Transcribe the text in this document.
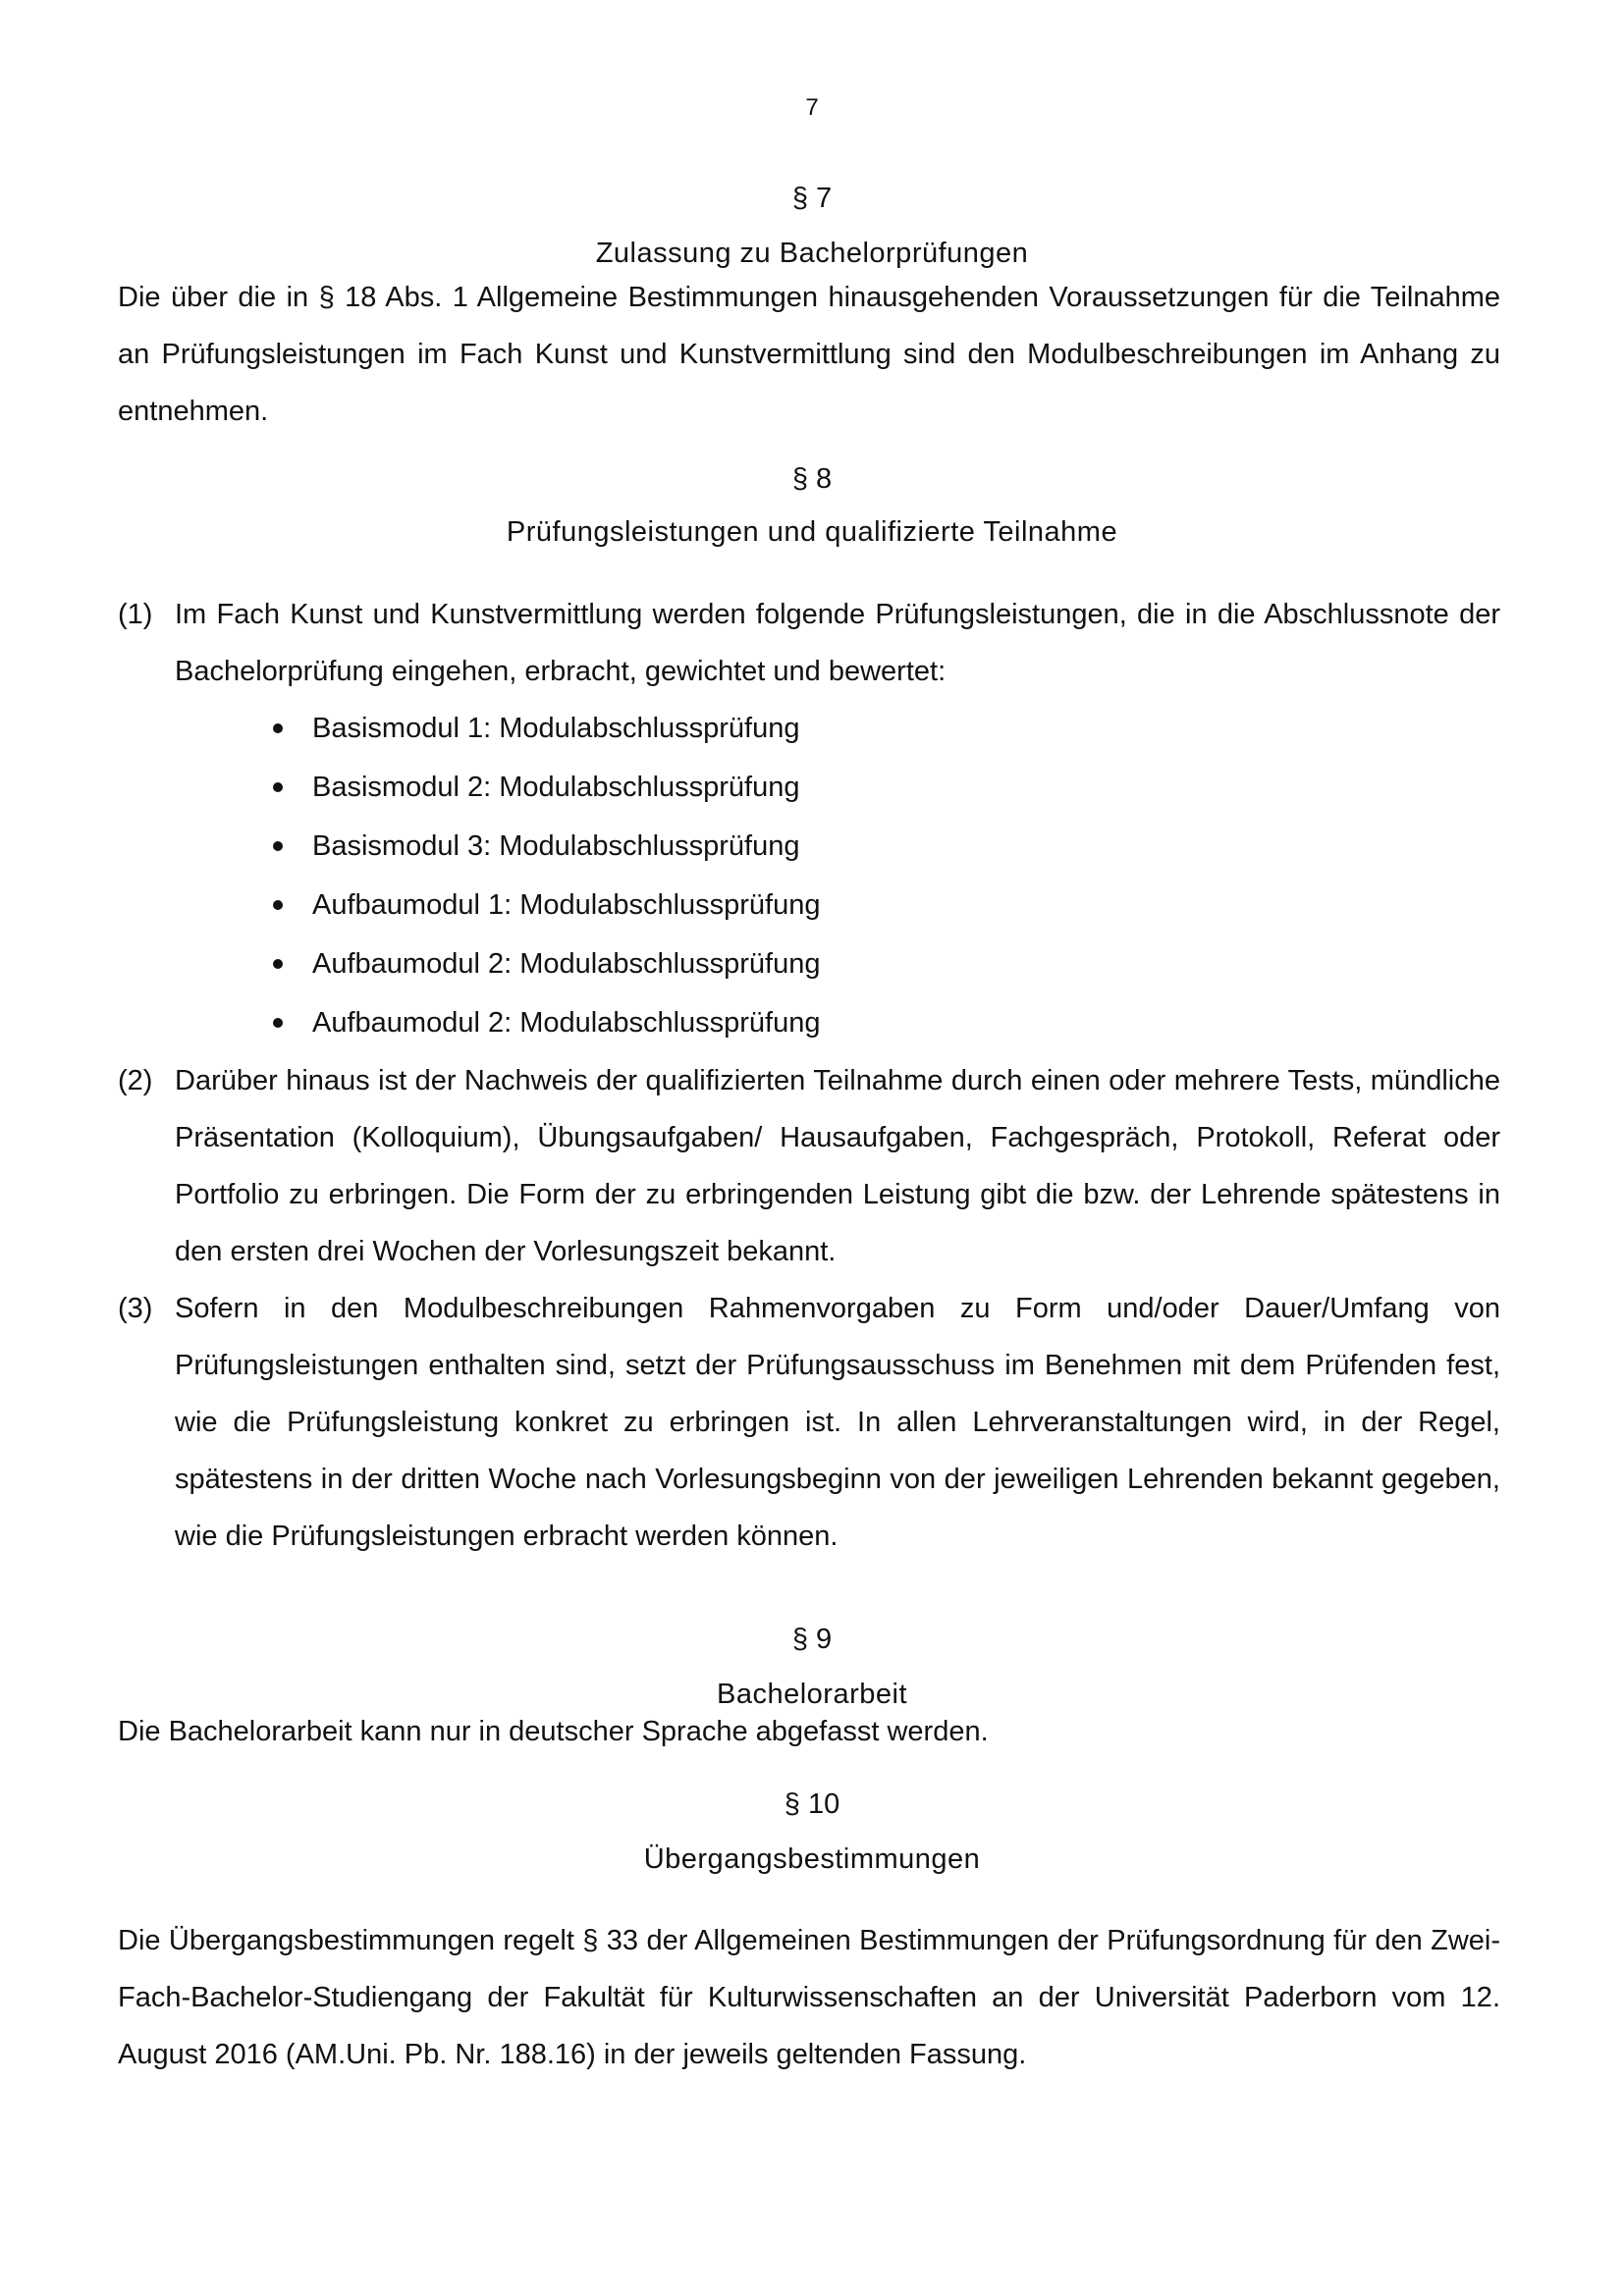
7
§ 7
Zulassung zu Bachelorprüfungen
Die über die in § 18 Abs. 1 Allgemeine Bestimmungen hinausgehenden Voraussetzungen für die Teilnahme an Prüfungsleistungen im Fach Kunst und Kunstvermittlung sind den Modulbeschreibungen im Anhang zu entnehmen.
§ 8
Prüfungsleistungen und qualifizierte Teilnahme
(1) Im Fach Kunst und Kunstvermittlung werden folgende Prüfungsleistungen, die in die Abschlussnote der Bachelorprüfung eingehen, erbracht, gewichtet und bewertet:
Basismodul 1: Modulabschlussprüfung
Basismodul 2: Modulabschlussprüfung
Basismodul 3: Modulabschlussprüfung
Aufbaumodul 1: Modulabschlussprüfung
Aufbaumodul 2: Modulabschlussprüfung
Aufbaumodul 2: Modulabschlussprüfung
(2) Darüber hinaus ist der Nachweis der qualifizierten Teilnahme durch einen oder mehrere Tests, mündliche Präsentation (Kolloquium), Übungsaufgaben/ Hausaufgaben, Fachgespräch, Protokoll, Referat oder Portfolio zu erbringen. Die Form der zu erbringenden Leistung gibt die bzw. der Lehrende spätestens in den ersten drei Wochen der Vorlesungszeit bekannt.
(3) Sofern in den Modulbeschreibungen Rahmenvorgaben zu Form und/oder Dauer/Umfang von Prüfungsleistungen enthalten sind, setzt der Prüfungsausschuss im Benehmen mit dem Prüfenden fest, wie die Prüfungsleistung konkret zu erbringen ist. In allen Lehrveranstaltungen wird, in der Regel, spätestens in der dritten Woche nach Vorlesungsbeginn von der jeweiligen Lehrenden bekannt gegeben, wie die Prüfungsleistungen erbracht werden können.
§ 9
Bachelorarbeit
Die Bachelorarbeit kann nur in deutscher Sprache abgefasst werden.
§ 10
Übergangsbestimmungen
Die Übergangsbestimmungen regelt § 33 der Allgemeinen Bestimmungen der Prüfungsordnung für den Zwei-Fach-Bachelor-Studiengang der Fakultät für Kulturwissenschaften an der Universität Paderborn vom 12. August 2016 (AM.Uni. Pb. Nr. 188.16) in der jeweils geltenden Fassung.
